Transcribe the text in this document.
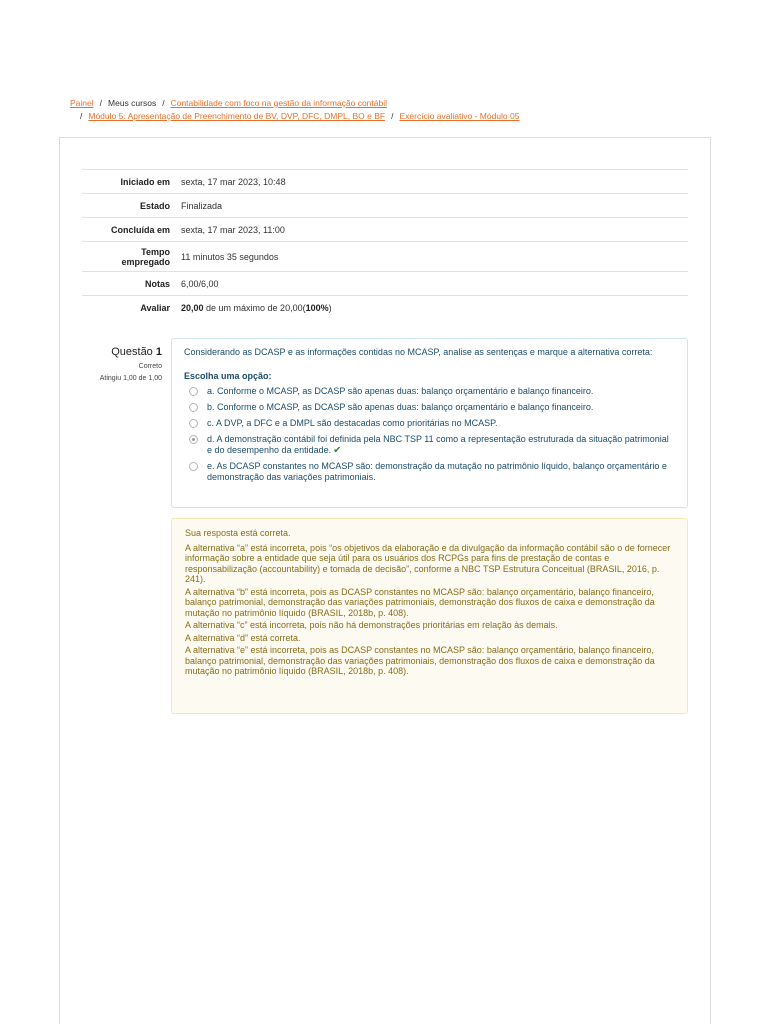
Painel / Meus cursos / Contabilidade com foco na gestão da informação contábil
/ Módulo 5: Apresentação de Preenchimento de BV, DVP, DFC, DMPL, BO e BF / Exercício avaliativo - Módulo 05
Iniciado em	sexta, 17 mar 2023, 10:48
Estado	Finalizada
Concluída em	sexta, 17 mar 2023, 11:00
Tempo
empregado	11 minutos 35 segundos
Notas	6,00/6,00
Avaliar	20,00 de um máximo de 20,00(100%)
Questão 1
Correto
Atingiu 1,00 de 1,00
Considerando as DCASP e as informações contidas no MCASP, analise as sentenças e marque a alternativa correta:
Escolha uma opção:
a. Conforme o MCASP, as DCASP são apenas duas: balanço orçamentário e balanço financeiro.
b. Conforme o MCASP, as DCASP são apenas duas: balanço orçamentário e balanço financeiro.
c. A DVP, a DFC e a DMPL são destacadas como prioritárias no MCASP.
d. A demonstração contábil foi definida pela NBC TSP 11 como a representação estruturada da situação patrimonial e do desempenho da entidade. ✔
e. As DCASP constantes no MCASP são: demonstração da mutação no patrimônio líquido, balanço orçamentário e demonstração das variações patrimoniais.
Sua resposta está correta.
A alternativa “a” está incorreta, pois “os objetivos da elaboração e da divulgação da informação contábil são o de fornecer informação sobre a entidade que seja útil para os usuários dos RCPGs para fins de prestação de contas e responsabilização (accountability) e tomada de decisão”, conforme a NBC TSP Estrutura Conceitual (BRASIL, 2016, p. 241).
A alternativa “b” está incorreta, pois as DCASP constantes no MCASP são: balanço orçamentário, balanço financeiro, balanço patrimonial, demonstração das variações patrimoniais, demonstração dos fluxos de caixa e demonstração da mutação no patrimônio líquido (BRASIL, 2018b, p. 408).
A alternativa “c” está incorreta, pois não há demonstrações prioritárias em relação às demais.
A alternativa “d” está correta.
A alternativa “e” está incorreta, pois as DCASP constantes no MCASP são: balanço orçamentário, balanço financeiro, balanço patrimonial, demonstração das variações patrimoniais, demonstração dos fluxos de caixa e demonstração da mutação no patrimônio líquido (BRASIL, 2018b, p. 408).
